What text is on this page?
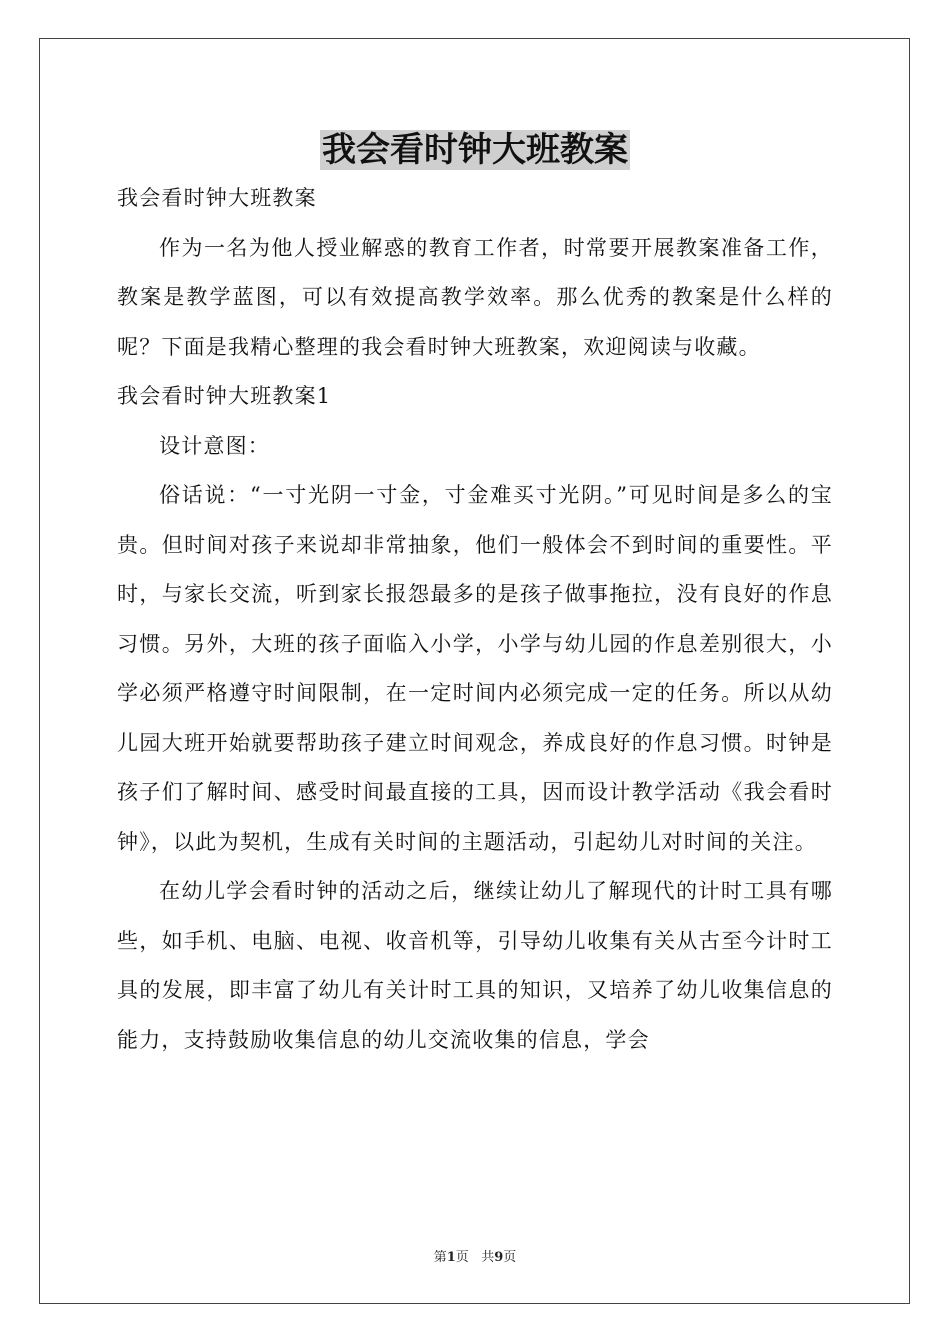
我会看时钟大班教案

我会看时钟大班教案

作为一名为他人授业解惑的教育工作者，时常要开展教案准备工作，教案是教学蓝图，可以有效提高教学效率。那么优秀的教案是什么样的呢？下面是我精心整理的我会看时钟大班教案，欢迎阅读与收藏。

我会看时钟大班教案1

设计意图：

俗话说：“一寸光阴一寸金，寸金难买寸光阴。”可见时间是多么的宝贵。但时间对孩子来说却非常抽象，他们一般体会不到时间的重要性。平时，与家长交流，听到家长报怨最多的是孩子做事拖拉，没有良好的作息习惯。另外，大班的孩子面临入小学，小学与幼儿园的作息差别很大，小学必须严格遵守时间限制，在一定时间内必须完成一定的任务。所以从幼儿园大班开始就要帮助孩子建立时间观念，养成良好的作息习惯。时钟是孩子们了解时间、感受时间最直接的工具，因而设计教学活动《我会看时钟》，以此为契机，生成有关时间的主题活动，引起幼儿对时间的关注。

在幼儿学会看时钟的活动之后，继续让幼儿了解现代的计时工具有哪些，如手机、电脑、电视、收音机等，引导幼儿收集有关从古至今计时工具的发展，即丰富了幼儿有关计时工具的知识，又培养了幼儿收集信息的能力，支持鼓励收集信息的幼儿交流收集的信息，学会

第1页 共9页
